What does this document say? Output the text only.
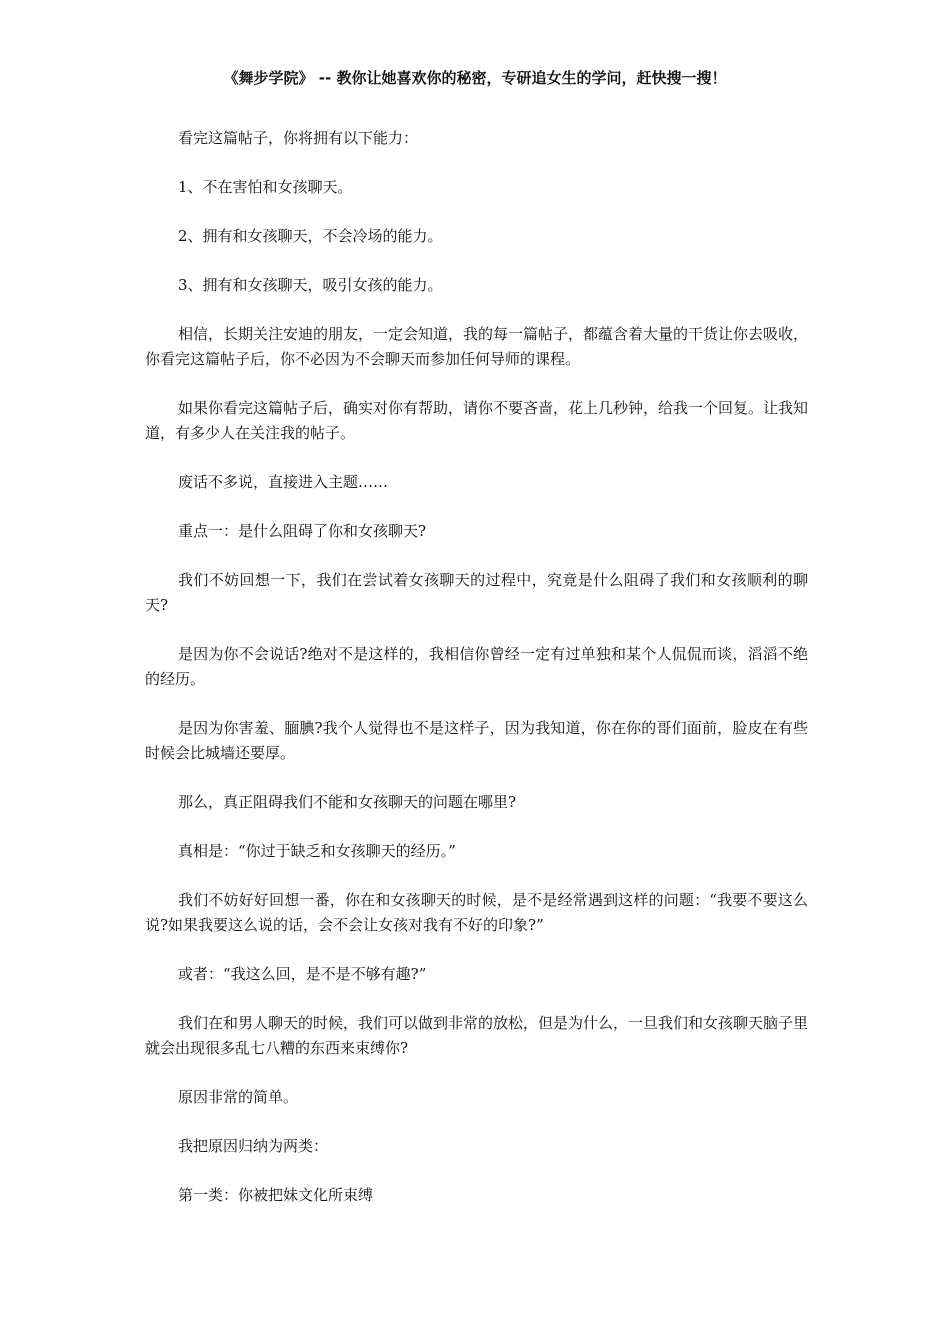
《舞步学院》 -- 教你让她喜欢你的秘密，专研追女生的学问，赶快搜一搜！

看完这篇帖子，你将拥有以下能力：

1、不在害怕和女孩聊天。

2、拥有和女孩聊天，不会冷场的能力。

3、拥有和女孩聊天，吸引女孩的能力。

相信，长期关注安迪的朋友，一定会知道，我的每一篇帖子，都蕴含着大量的干货让你去吸收，你看完这篇帖子后，你不必因为不会聊天而参加任何导师的课程。

如果你看完这篇帖子后，确实对你有帮助，请你不要吝啬，花上几秒钟，给我一个回复。让我知道，有多少人在关注我的帖子。

废话不多说，直接进入主题……

重点一：是什么阻碍了你和女孩聊天?

我们不妨回想一下，我们在尝试着女孩聊天的过程中，究竟是什么阻碍了我们和女孩顺利的聊天?

是因为你不会说话?绝对不是这样的，我相信你曾经一定有过单独和某个人侃侃而谈，滔滔不绝的经历。

是因为你害羞、腼腆?我个人觉得也不是这样子，因为我知道，你在你的哥们面前，脸皮在有些时候会比城墙还要厚。

那么，真正阻碍我们不能和女孩聊天的问题在哪里?

真相是：“你过于缺乏和女孩聊天的经历。”

我们不妨好好回想一番，你在和女孩聊天的时候，是不是经常遇到这样的问题：“我要不要这么说?如果我要这么说的话，会不会让女孩对我有不好的印象?”

或者：“我这么回，是不是不够有趣?”

我们在和男人聊天的时候，我们可以做到非常的放松，但是为什么，一旦我们和女孩聊天脑子里就会出现很多乱七八糟的东西来束缚你?

原因非常的简单。

我把原因归纳为两类：

第一类：你被把妹文化所束缚
